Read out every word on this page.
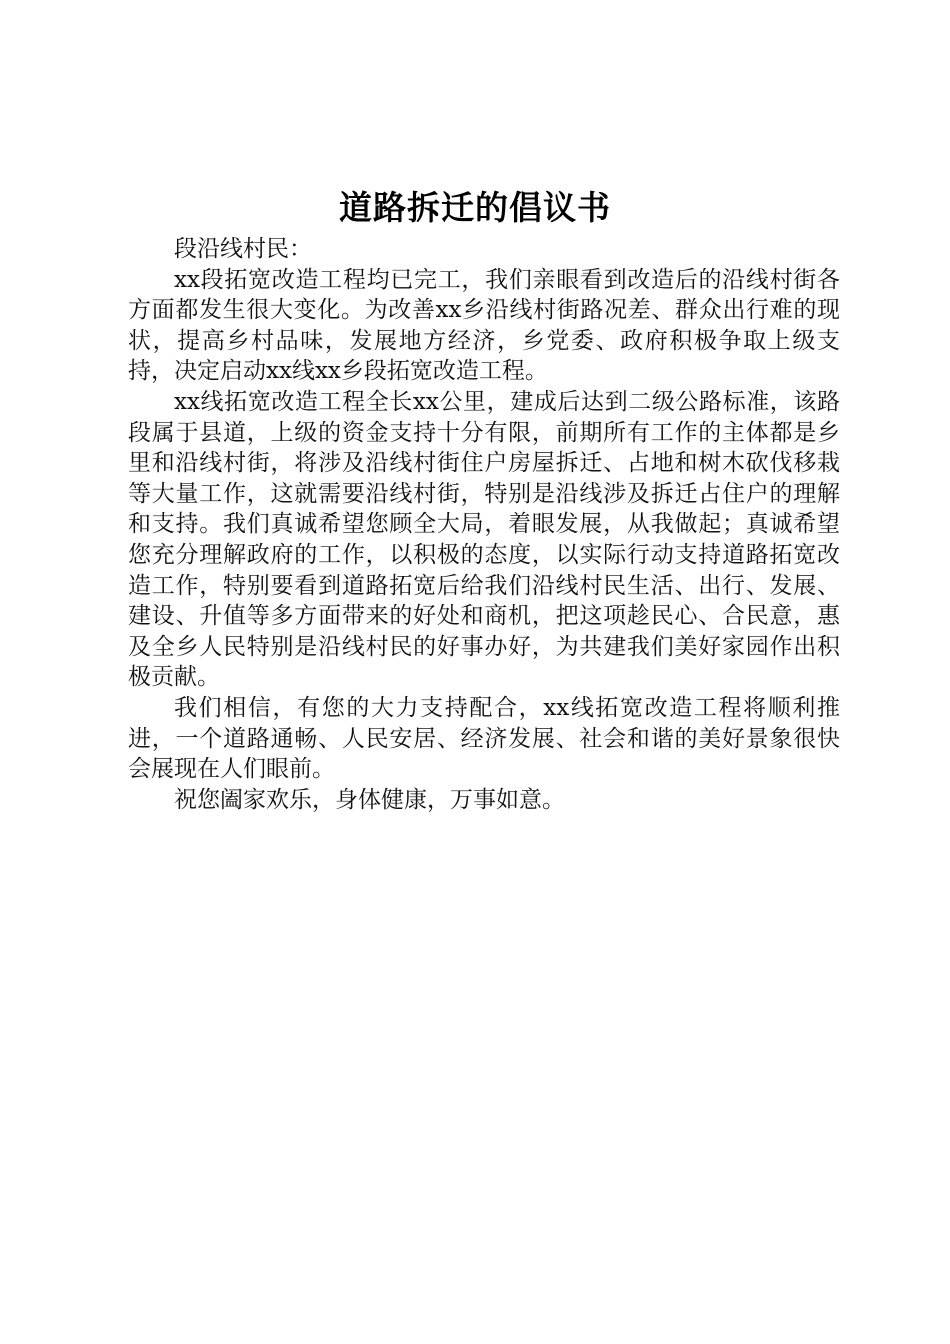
道路拆迁的倡议书

段沿线村民：

xx段拓宽改造工程均已完工，我们亲眼看到改造后的沿线村街各方面都发生很大变化。为改善xx乡沿线村街路况差、群众出行难的现状，提高乡村品味，发展地方经济，乡党委、政府积极争取上级支持，决定启动xx线xx乡段拓宽改造工程。

xx线拓宽改造工程全长xx公里，建成后达到二级公路标准，该路段属于县道，上级的资金支持十分有限，前期所有工作的主体都是乡里和沿线村街，将涉及沿线村街住户房屋拆迁、占地和树木砍伐移栽等大量工作，这就需要沿线村街，特别是沿线涉及拆迁占住户的理解和支持。我们真诚希望您顾全大局，着眼发展，从我做起；真诚希望您充分理解政府的工作，以积极的态度，以实际行动支持道路拓宽改造工作，特别要看到道路拓宽后给我们沿线村民生活、出行、发展、建设、升值等多方面带来的好处和商机，把这项趁民心、合民意，惠及全乡人民特别是沿线村民的好事办好，为共建我们美好家园作出积极贡献。

我们相信，有您的大力支持配合，xx线拓宽改造工程将顺利推进，一个道路通畅、人民安居、经济发展、社会和谐的美好景象很快会展现在人们眼前。

祝您阖家欢乐，身体健康，万事如意。
